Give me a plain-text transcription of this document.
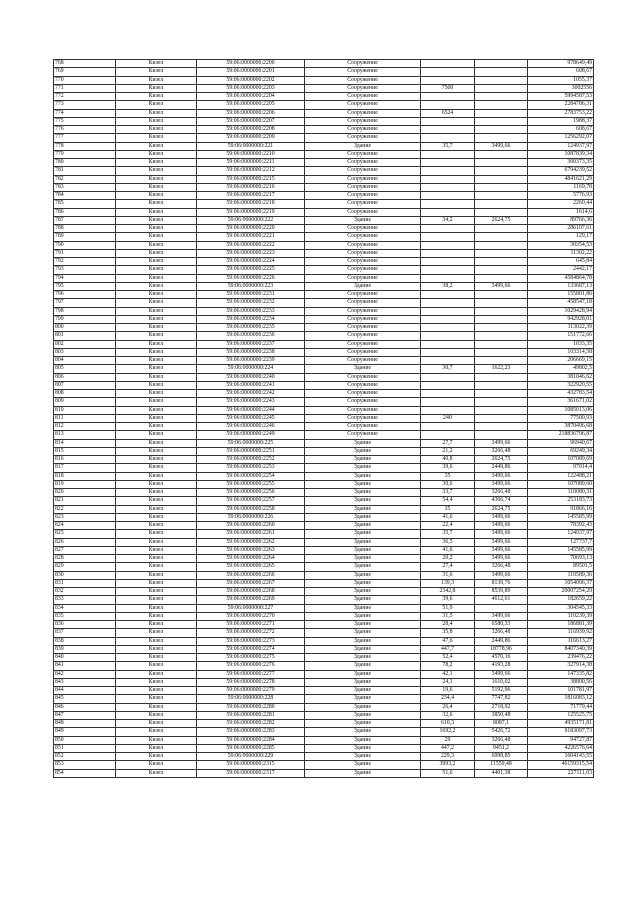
768	Кизел	59:06:0000000:2200	Сооружение			978649,49
769	Кизел	59:06:0000000:2201	Сооружение			608,67
770	Кизел	59:06:0000000:2202	Сооружение			1055,37
771	Кизел	59:06:0000000:2203	Сооружение	7500		3002556
772	Кизел	59:06:0000000:2204	Сооружение			5994587,53
773	Кизел	59:06:0000000:2205	Сооружение			2284786,31
774	Кизел	59:06:0000000:2206	Сооружение	6524		2783753,22
775	Кизел	59:06:0000000:2207	Сооружение			1988,37
776	Кизел	59:06:0000000:2208	Сооружение			608,67
777	Кизел	59:06:0000000:2209	Сооружение			1256292,07
778	Кизел	59:06:0000000:221	Здание	35,7	3499,66	124937,97
779	Кизел	59:06:0000000:2210	Сооружение			1087839,34
780	Кизел	59:06:0000000:2211	Сооружение			300373,35
781	Кизел	59:06:0000000:2212	Сооружение			6794239,52
782	Кизел	59:06:0000000:2215	Сооружение			4841621,29
783	Кизел	59:06:0000000:2216	Сооружение			1169,78
784	Кизел	59:06:0000000:2217	Сооружение			5776,93
785	Кизел	59:06:0000000:2218	Сооружение			2260,44
786	Кизел	59:06:0000000:2219	Сооружение			1614,6
787	Кизел	59:06:0000000:222	Здание	34,2	2624,75	89766,36
788	Кизел	59:06:0000000:2220	Сооружение			286107,61
789	Кизел	59:06:0000000:2221	Сооружение			129,17
790	Кизел	59:06:0000000:2222	Сооружение			30354,53
791	Кизел	59:06:0000000:2223	Сооружение			11302,22
792	Кизел	59:06:0000000:2224	Сооружение			645,84
793	Кизел	59:06:0000000:2225	Сооружение			2442,17
794	Кизел	59:06:0000000:2226	Сооружение			4584864,78
795	Кизел	59:06:0000000:223	Здание	38,2	3499,66	133687,13
796	Кизел	59:06:0000000:2231	Сооружение			155801,86
797	Кизел	59:06:0000000:2232	Сооружение			458547,18
798	Кизел	59:06:0000000:2233	Сооружение			1029428,94
799	Кизел	59:06:0000000:2234	Сооружение			942928,01
800	Кизел	59:06:0000000:2235	Сооружение			113022,39
801	Кизел	59:06:0000000:2236	Сооружение			151772,66
802	Кизел	59:06:0000000:2237	Сооружение			1033,35
803	Кизел	59:06:0000000:2238	Сооружение			103314,58
804	Кизел	59:06:0000000:2239	Сооружение			206669,15
805	Кизел	59:06:0000000:224	Здание	30,7	1622,23	49802,5
806	Кизел	59:06:0000000:2240	Сооружение			381046,62
807	Кизел	59:06:0000000:2241	Сооружение			322920,55
808	Кизел	59:06:0000000:2242	Сооружение			432783,54
809	Кизел	59:06:0000000:2243	Сооружение			361671,02
810	Кизел	59:06:0000000:2244	Сооружение			1085013,06
811	Кизел	59:06:0000000:2245	Сооружение	240		77500,93
812	Кизел	59:06:0000000:2246	Сооружение			3870496,68
813	Кизел	59:06:0000000:2249	Сооружение			218836796,87
814	Кизел	59:06:0000000:225	Здание	27,7	3499,66	96940,67
815	Кизел	59:06:0000000:2251	Здание	21,2	3266,48	69249,34
816	Кизел	59:06:0000000:2252	Здание	40,8	2624,75	107089,69
817	Кизел	59:06:0000000:2253	Здание	39,6	2449,86	97014,4
818	Кизел	59:06:0000000:2254	Здание	35	3499,66	122488,21
819	Кизел	59:06:0000000:2255	Здание	30,6	3499,66	107089,60
820	Кизел	59:06:0000000:2256	Здание	33,7	3266,48	110080,31
821	Кизел	59:06:0000000:2257	Здание	54,4	4366,74	253183,73
822	Кизел	59:06:0000000:2258	Здание	35	2624,75	91866,16
823	Кизел	59:06:0000000:226	Здание	41,6	3499,66	145585,99
824	Кизел	59:06:0000000:2260	Здание	22,4	3499,66	78392,43
825	Кизел	59:06:0000000:2261	Здание	35,7	3499,66	124937,97
826	Кизел	59:06:0000000:2262	Здание	36,5	3499,66	127737,7
827	Кизел	59:06:0000000:2263	Здание	41,6	3499,66	145585,99
828	Кизел	59:06:0000000:2264	Здание	20,2	3499,66	70693,13
829	Кизел	59:06:0000000:2265	Здание	27,4	3266,48	89501,5
830	Кизел	59:06:0000000:2266	Здание	31,6	3499,66	110589,36
831	Кизел	59:06:0000000:2267	Здание	139,3	8139,76	1054096,37
832	Кизел	59:06:0000000:2268	Здание	2342,8	8539,89	20007254,29
833	Кизел	59:06:0000000:2269	Здание	39,6	4612,61	182659,22
834	Кизел	59:06:0000000:227	Здание	51,9		304545,33
835	Кизел	59:06:0000000:2270	Здание	31,5	3499,66	110239,39
836	Кизел	59:06:0000000:2271	Здание	28,4	6580,33	186881,39
837	Кизел	59:06:0000000:2272	Здание	35,8	3266,48	116939,92
838	Кизел	59:06:0000000:2273	Здание	47,6	2449,86	116613,27
839	Кизел	59:06:0000000:2274	Здание	447,7	18778,96	8407340,39
840	Кизел	59:06:0000000:2275	Здание	52,4	4570,16	239476,22
841	Кизел	59:06:0000000:2276	Здание	78,2	4193,28	327914,38
842	Кизел	59:06:0000000:2277	Здание	42,1	3499,66	147335,82
843	Кизел	59:06:0000000:2278	Здание	24,1	1610,02	38800,56
844	Кизел	59:06:0000000:2279	Здание	19,6	5192,96	101781,97
845	Кизел	59:06:0000000:228	Здание	234,4	7747,82	1816083,12
846	Кизел	59:06:0000000:2280	Здание	26,4	2718,92	71779,44
847	Кизел	59:06:0000000:2281	Здание	32,6	3850,48	125525,75
848	Кизел	59:06:0000000:2282	Здание	610,3	8087,1	4935171,81
849	Кизел	59:06:0000000:2283	Здание	1692,2	5426,72	9183097,73
850	Кизел	59:06:0000000:2284	Здание	29	3266,48	94727,87
851	Кизел	59:06:0000000:2285	Здание	447,2	9451,2	4226576,64
852	Кизел	59:06:0000000:229	Здание	229,3	6998,85	1604143,55
853	Кизел	59:06:0000000:2315	Здание	3993,2	11559,48	46159315,54
854	Кизел	59:06:0000000:2317	Здание	51,6	4401,38	227111,03
